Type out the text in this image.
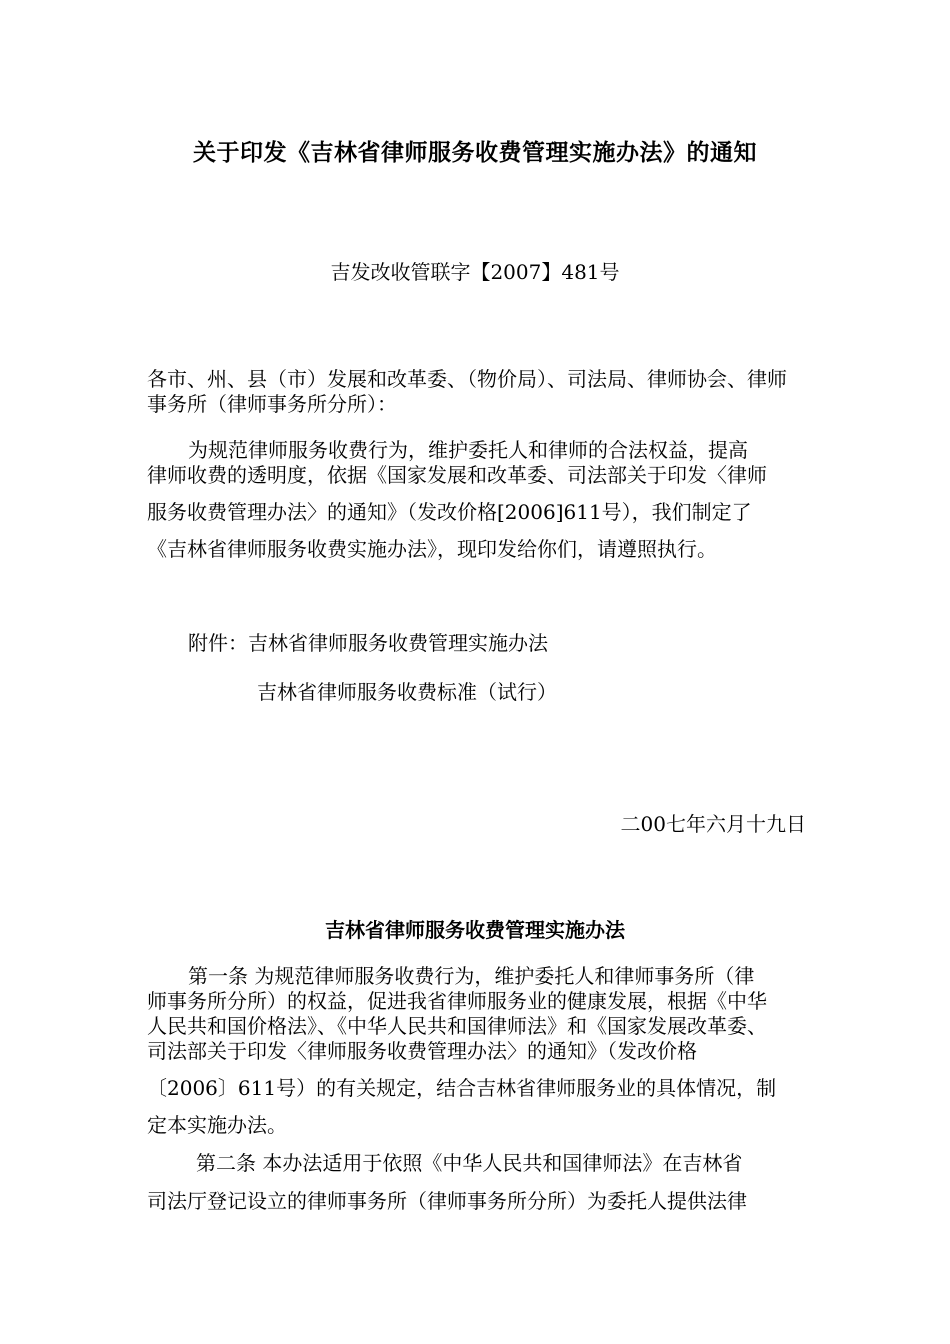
关于印发《吉林省律师服务收费管理实施办法》的通知
吉发改收管联字【2007】481号
各市、州、县（市）发展和改革委、（物价局）、司法局、律师协会、律师
事务所（律师事务所分所）：
为规范律师服务收费行为，维护委托人和律师的合法权益，提高
律师收费的透明度，依据《国家发展和改革委、司法部关于印发〈律师
服务收费管理办法〉的通知》（发改价格[2006]611号），我们制定了
《吉林省律师服务收费实施办法》，现印发给你们，请遵照执行。
附件：吉林省律师服务收费管理实施办法
吉林省律师服务收费标准（试行）
二00七年六月十九日
吉林省律师服务收费管理实施办法
第一条 为规范律师服务收费行为，维护委托人和律师事务所（律
师事务所分所）的权益，促进我省律师服务业的健康发展，根据《中华
人民共和国价格法》、《中华人民共和国律师法》和《国家发展改革委、
司法部关于印发〈律师服务收费管理办法〉的通知》（发改价格
〔2006〕611号）的有关规定，结合吉林省律师服务业的具体情况，制
定本实施办法。
第二条 本办法适用于依照《中华人民共和国律师法》在吉林省
司法厅登记设立的律师事务所（律师事务所分所）为委托人提供法律
